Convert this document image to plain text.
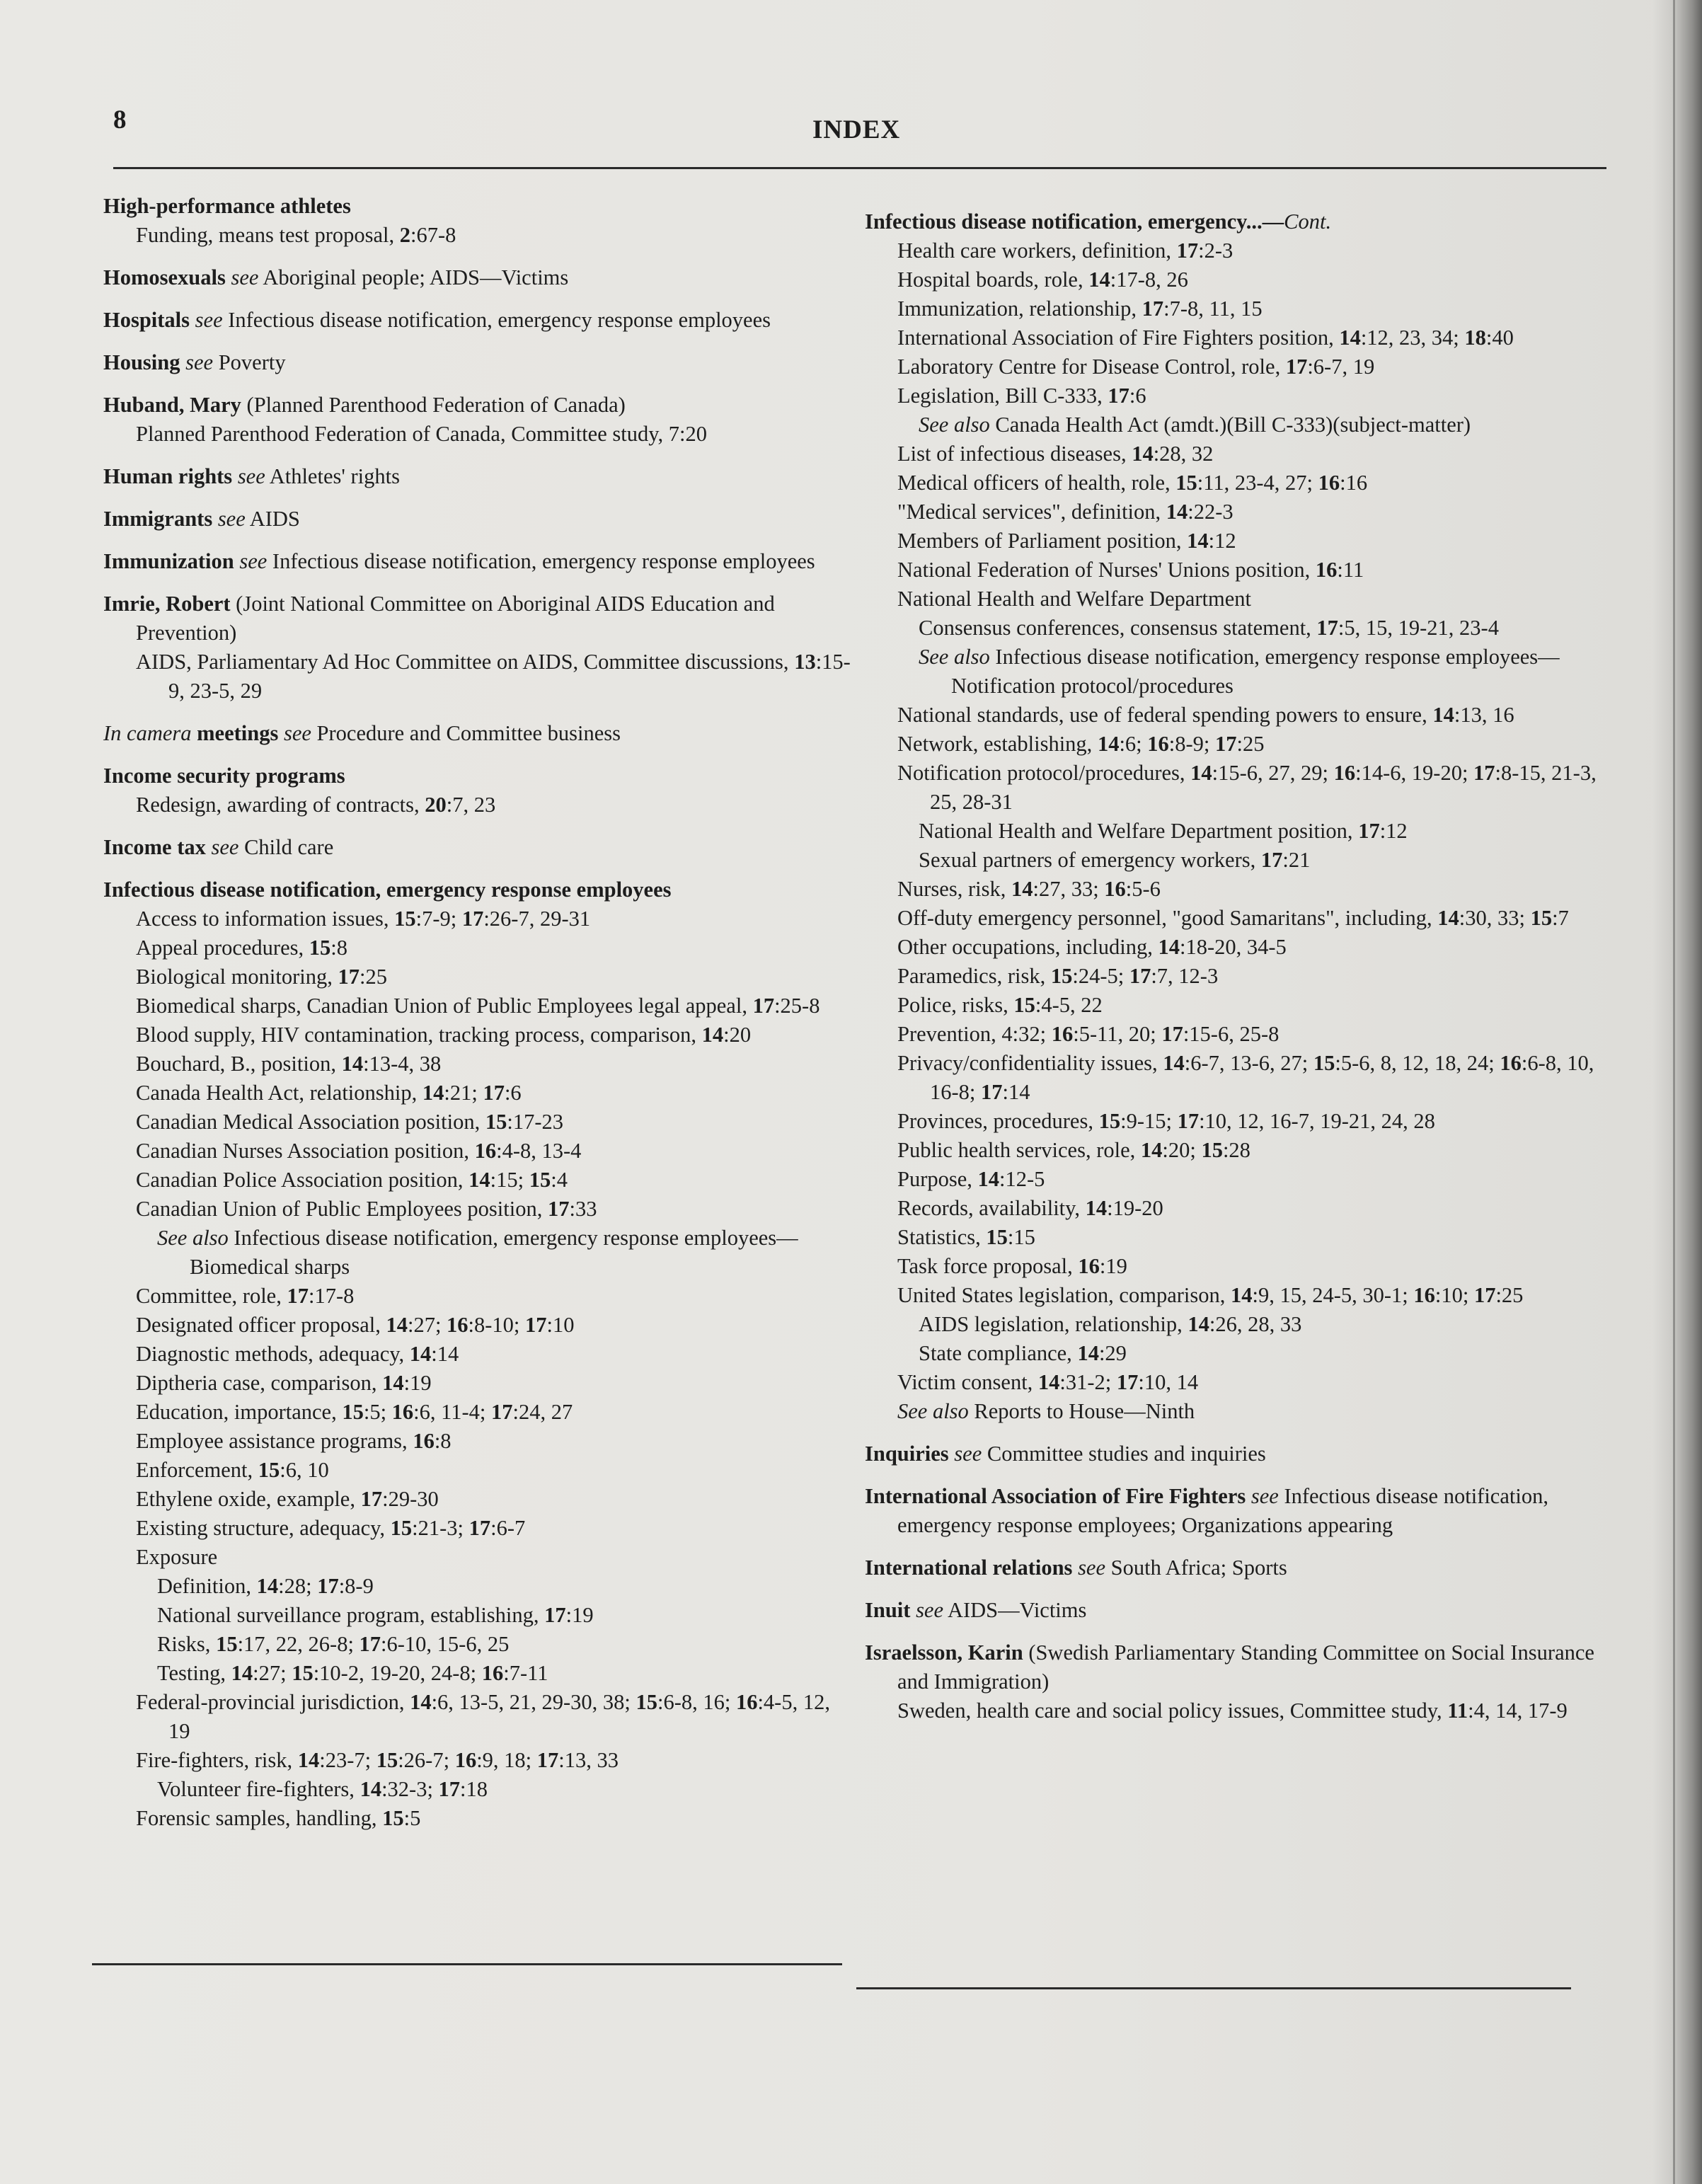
8	INDEX

High-performance athletes

Funding, means test proposal, 2:67-8

Homosexuals see Aboriginal people; AIDS—Victims

Hospitals see Infectious disease notification, emergency response employees

Housing see Poverty

Huband, Mary (Planned Parenthood Federation of Canada)

Planned Parenthood Federation of Canada, Committee study, 7:20

Human rights see Athletes' rights

Immigrants see AIDS

Immunization see Infectious disease notification, emergency response employees

Imrie, Robert (Joint National Committee on Aboriginal AIDS Education and Prevention)

AIDS, Parliamentary Ad Hoc Committee on AIDS, Committee discussions, 13:15-9, 23-5, 29

In camera meetings see Procedure and Committee business

Income security programs

Redesign, awarding of contracts, 20:7, 23

Income tax see Child care

Infectious disease notification, emergency response employees

Access to information issues, 15:7-9; 17:26-7, 29-31

Appeal procedures, 15:8

Biological monitoring, 17:25

Biomedical sharps, Canadian Union of Public Employees legal appeal, 17:25-8

Blood supply, HIV contamination, tracking process, comparison, 14:20

Bouchard, B., position, 14:13-4, 38

Canada Health Act, relationship, 14:21; 17:6

Canadian Medical Association position, 15:17-23

Canadian Nurses Association position, 16:4-8, 13-4

Canadian Police Association position, 14:15; 15:4

Canadian Union of Public Employees position, 17:33

See also Infectious disease notification, emergency response employees—Biomedical sharps

Committee, role, 17:17-8

Designated officer proposal, 14:27; 16:8-10; 17:10

Diagnostic methods, adequacy, 14:14

Diptheria case, comparison, 14:19

Education, importance, 15:5; 16:6, 11-4; 17:24, 27

Employee assistance programs, 16:8

Enforcement, 15:6, 10

Ethylene oxide, example, 17:29-30

Existing structure, adequacy, 15:21-3; 17:6-7

Exposure

Definition, 14:28; 17:8-9

National surveillance program, establishing, 17:19

Risks, 15:17, 22, 26-8; 17:6-10, 15-6, 25

Testing, 14:27; 15:10-2, 19-20, 24-8; 16:7-11

Federal-provincial jurisdiction, 14:6, 13-5, 21, 29-30, 38; 15:6-8, 16; 16:4-5, 12, 19

Fire-fighters, risk, 14:23-7; 15:26-7; 16:9, 18; 17:13, 33

Volunteer fire-fighters, 14:32-3; 17:18

Forensic samples, handling, 15:5

Infectious disease notification, emergency...—Cont.

Health care workers, definition, 17:2-3

Hospital boards, role, 14:17-8, 26

Immunization, relationship, 17:7-8, 11, 15

International Association of Fire Fighters position, 14:12, 23, 34; 18:40

Laboratory Centre for Disease Control, role, 17:6-7, 19

Legislation, Bill C-333, 17:6

See also Canada Health Act (amdt.)(Bill C-333)(subject-matter)

List of infectious diseases, 14:28, 32

Medical officers of health, role, 15:11, 23-4, 27; 16:16

"Medical services", definition, 14:22-3

Members of Parliament position, 14:12

National Federation of Nurses' Unions position, 16:11

National Health and Welfare Department

Consensus conferences, consensus statement, 17:5, 15, 19-21, 23-4

See also Infectious disease notification, emergency response employees—Notification protocol/procedures

National standards, use of federal spending powers to ensure, 14:13, 16

Network, establishing, 14:6; 16:8-9; 17:25

Notification protocol/procedures, 14:15-6, 27, 29; 16:14-6, 19-20; 17:8-15, 21-3, 25, 28-31

National Health and Welfare Department position, 17:12

Sexual partners of emergency workers, 17:21

Nurses, risk, 14:27, 33; 16:5-6

Off-duty emergency personnel, "good Samaritans", including, 14:30, 33; 15:7

Other occupations, including, 14:18-20, 34-5

Paramedics, risk, 15:24-5; 17:7, 12-3

Police, risks, 15:4-5, 22

Prevention, 4:32; 16:5-11, 20; 17:15-6, 25-8

Privacy/confidentiality issues, 14:6-7, 13-6, 27; 15:5-6, 8, 12, 18, 24; 16:6-8, 10, 16-8; 17:14

Provinces, procedures, 15:9-15; 17:10, 12, 16-7, 19-21, 24, 28

Public health services, role, 14:20; 15:28

Purpose, 14:12-5

Records, availability, 14:19-20

Statistics, 15:15

Task force proposal, 16:19

United States legislation, comparison, 14:9, 15, 24-5, 30-1; 16:10; 17:25

AIDS legislation, relationship, 14:26, 28, 33

State compliance, 14:29

Victim consent, 14:31-2; 17:10, 14

See also Reports to House—Ninth

Inquiries see Committee studies and inquiries

International Association of Fire Fighters see Infectious disease notification, emergency response employees; Organizations appearing

International relations see South Africa; Sports

Inuit see AIDS—Victims

Israelsson, Karin (Swedish Parliamentary Standing Committee on Social Insurance and Immigration)

Sweden, health care and social policy issues, Committee study, 11:4, 14, 17-9
